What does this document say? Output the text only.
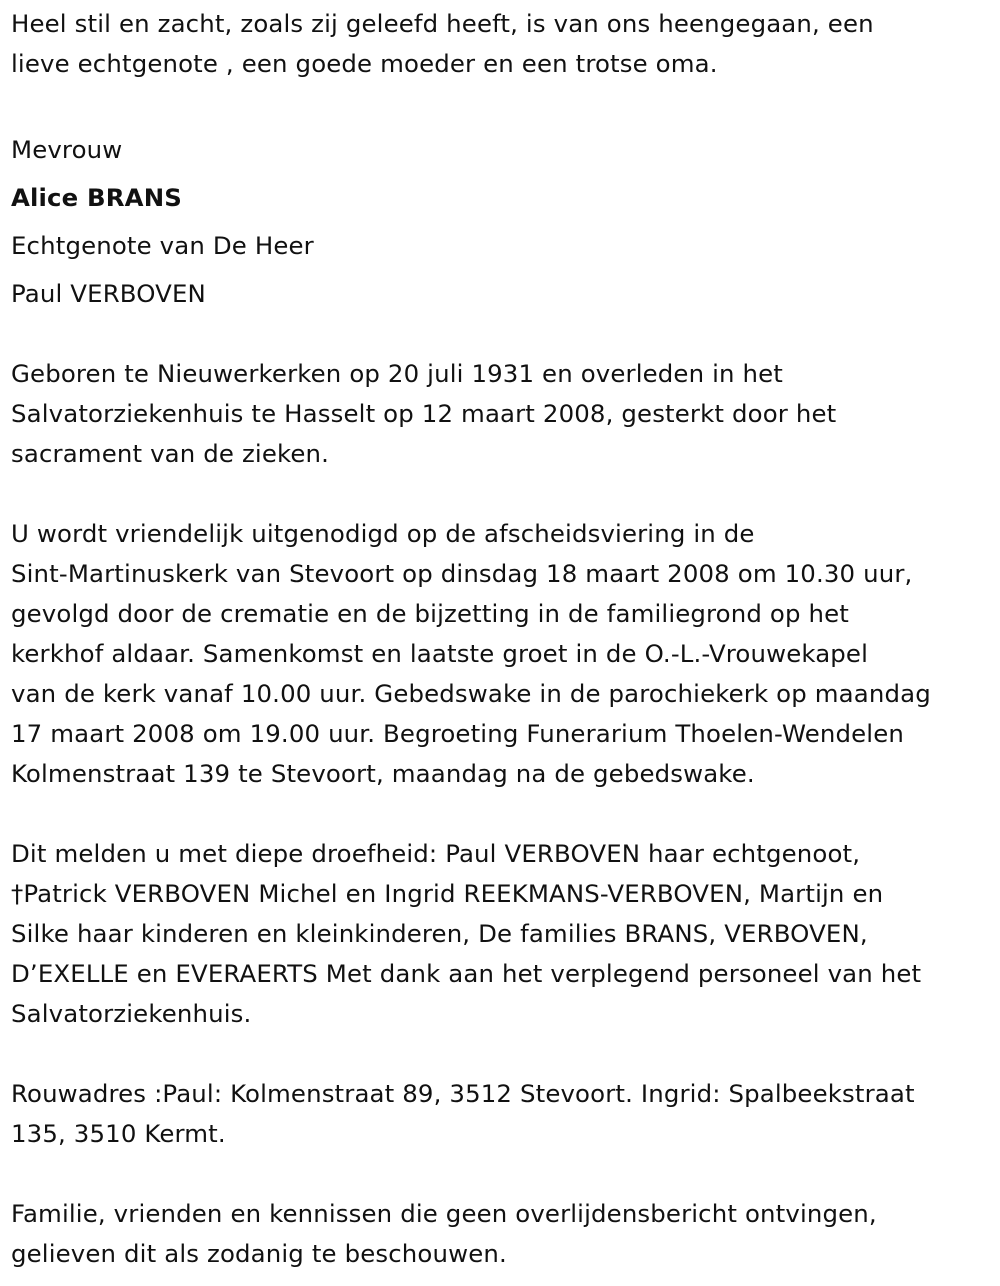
Heel stil en zacht, zoals zij geleefd heeft, is van ons heengegaan, een
lieve echtgenote , een goede moeder en een trotse oma.

Mevrouw
Alice BRANS
Echtgenote van De Heer
Paul VERBOVEN

Geboren te Nieuwerkerken op 20 juli 1931 en overleden in het
Salvatorziekenhuis te Hasselt op 12 maart 2008, gesterkt door het
sacrament van de zieken.

U wordt vriendelijk uitgenodigd op de afscheidsviering in de
Sint-Martinuskerk van Stevoort op dinsdag 18 maart 2008 om 10.30 uur,
gevolgd door de crematie en de bijzetting in de familiegrond op het
kerkhof aldaar. Samenkomst en laatste groet in de O.-L.-Vrouwekapel
van de kerk vanaf 10.00 uur. Gebedswake in de parochiekerk op maandag
17 maart 2008 om 19.00 uur. Begroeting Funerarium Thoelen-Wendelen
Kolmenstraat 139 te Stevoort, maandag na de gebedswake.

Dit melden u met diepe droefheid: Paul VERBOVEN haar echtgenoot,
†Patrick VERBOVEN Michel en Ingrid REEKMANS-VERBOVEN, Martijn en
Silke haar kinderen en kleinkinderen, De families BRANS, VERBOVEN,
D’EXELLE en EVERAERTS Met dank aan het verplegend personeel van het
Salvatorziekenhuis.

Rouwadres :Paul: Kolmenstraat 89, 3512 Stevoort. Ingrid: Spalbeekstraat
135, 3510 Kermt.

Familie, vrienden en kennissen die geen overlijdensbericht ontvingen,
gelieven dit als zodanig te beschouwen.
